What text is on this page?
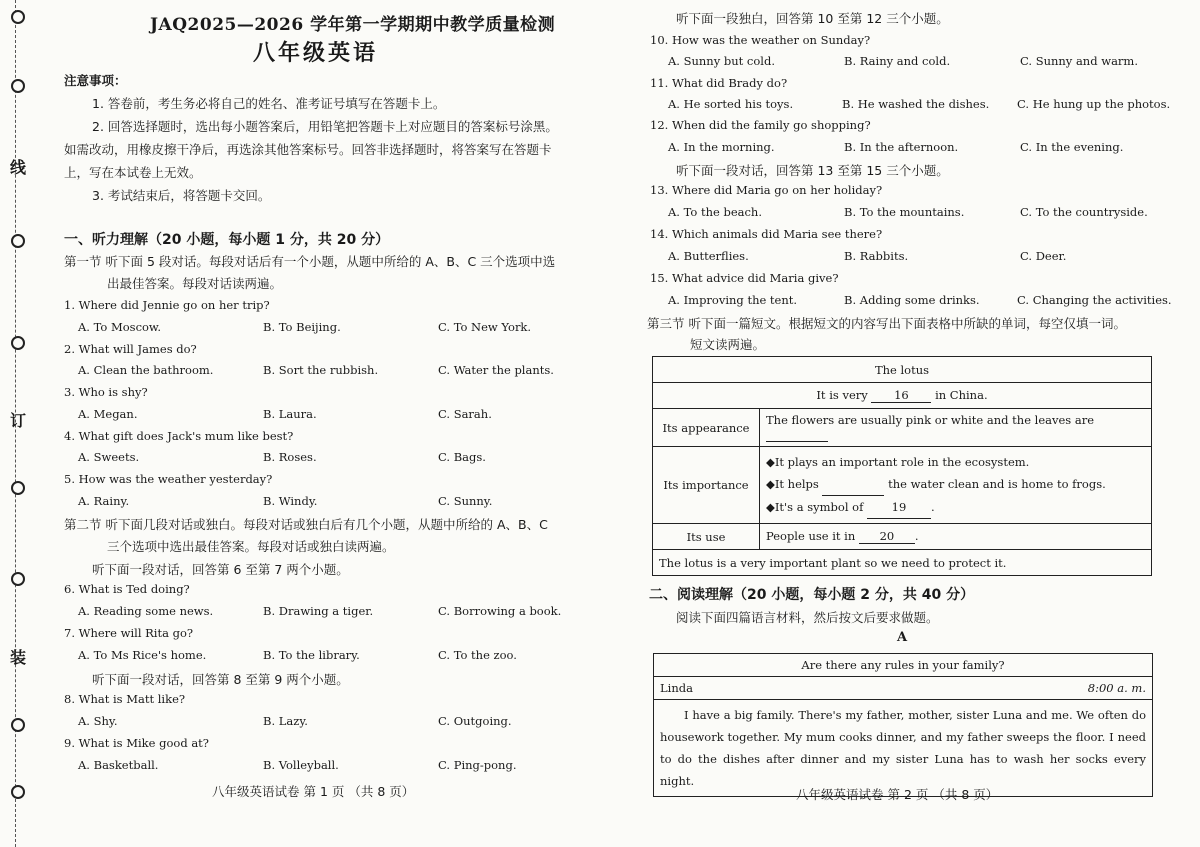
线
订
装
JAQ2025—2026 学年第一学期期中教学质量检测
八年级英语
注意事项：
1. 答卷前，考生务必将自己的姓名、准考证号填写在答题卡上。
2. 回答选择题时，选出每小题答案后，用铅笔把答题卡上对应题目的答案标号涂黑。
如需改动，用橡皮擦干净后，再选涂其他答案标号。回答非选择题时，将答案写在答题卡
上，写在本试卷上无效。
3. 考试结束后，将答题卡交回。
一、听力理解（20 小题，每小题 1 分，共 20 分）
第一节 听下面 5 段对话。每段对话后有一个小题，从题中所给的 A、B、C 三个选项中选
出最佳答案。每段对话读两遍。
1. Where did Jennie go on her trip?
A. To Moscow.	B. To Beijing.	C. To New York.
2. What will James do?
A. Clean the bathroom.	B. Sort the rubbish.	C. Water the plants.
3. Who is shy?
A. Megan.	B. Laura.	C. Sarah.
4. What gift does Jack's mum like best?
A. Sweets.	B. Roses.	C. Bags.
5. How was the weather yesterday?
A. Rainy.	B. Windy.	C. Sunny.
第二节 听下面几段对话或独白。每段对话或独白后有几个小题，从题中所给的 A、B、C
三个选项中选出最佳答案。每段对话或独白读两遍。
听下面一段对话，回答第 6 至第 7 两个小题。
6. What is Ted doing?
A. Reading some news.	B. Drawing a tiger.	C. Borrowing a book.
7. Where will Rita go?
A. To Ms Rice's home.	B. To the library.	C. To the zoo.
听下面一段对话，回答第 8 至第 9 两个小题。
8. What is Matt like?
A. Shy.	B. Lazy.	C. Outgoing.
9. What is Mike good at?
A. Basketball.	B. Volleyball.	C. Ping-pong.
八年级英语试卷 第 1 页 （共 8 页）
听下面一段独白，回答第 10 至第 12 三个小题。
10. How was the weather on Sunday?
A. Sunny but cold.	B. Rainy and cold.	C. Sunny and warm.
11. What did Brady do?
A. He sorted his toys.	B. He washed the dishes. C. He hung up the photos.
12. When did the family go shopping?
A. In the morning.	B. In the afternoon.	C. In the evening.
听下面一段对话，回答第 13 至第 15 三个小题。
13. Where did Maria go on her holiday?
A. To the beach.	B. To the mountains.	C. To the countryside.
14. Which animals did Maria see there?
A. Butterflies.	B. Rabbits.	C. Deer.
15. What advice did Maria give?
A. Improving the tent.	B. Adding some drinks.	C. Changing the activities.
第三节 听下面一篇短文。根据短文的内容写出下面表格中所缺的单词，每空仅填一词。
短文读两遍。
The lotus	
It is very 16 in China.	
Its appearance	The flowers are usually pink or white and the leaves are
Its importance	◆It plays an important role in the ecosystem.
◆It helps the water clean and is home to frogs.
◆It's a symbol of 19 .

Its use	People use it in 20 .
The lotus is a very important plant so we need to protect it.	
二、阅读理解（20 小题，每小题 2 分，共 40 分）
阅读下面四篇语言材料，然后按文后要求做题。
A
Are there any rules in your family?
Linda	8:00 a. m.
I have a big family. There's my father, mother, sister Luna and me. We often do housework together. My mum cooks dinner, and my father sweeps the floor. I need to do the dishes after dinner and my sister Luna has to wash her socks every night.
八年级英语试卷 第 2 页 （共 8 页）
